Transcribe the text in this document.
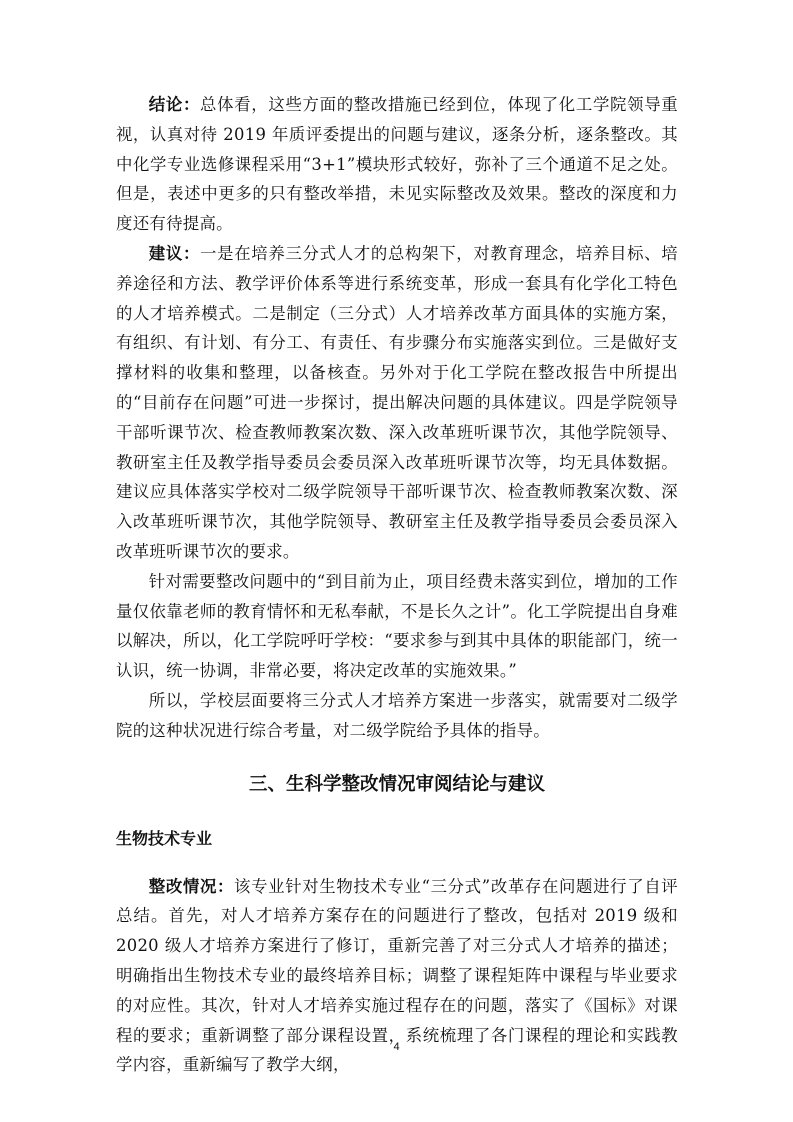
结论：总体看，这些方面的整改措施已经到位，体现了化工学院领导重视，认真对待 2019 年质评委提出的问题与建议，逐条分析，逐条整改。其中化学专业选修课程采用“3+1”模块形式较好，弥补了三个通道不足之处。但是，表述中更多的只有整改举措，未见实际整改及效果。整改的深度和力度还有待提高。

建议：一是在培养三分式人才的总构架下，对教育理念，培养目标、培养途径和方法、教学评价体系等进行系统变革，形成一套具有化学化工特色的人才培养模式。二是制定（三分式）人才培养改革方面具体的实施方案，有组织、有计划、有分工、有责任、有步骤分布实施落实到位。三是做好支撑材料的收集和整理，以备核查。另外对于化工学院在整改报告中所提出的“目前存在问题”可进一步探讨，提出解决问题的具体建议。四是学院领导干部听课节次、检查教师教案次数、深入改革班听课节次，其他学院领导、教研室主任及教学指导委员会委员深入改革班听课节次等，均无具体数据。建议应具体落实学校对二级学院领导干部听课节次、检查教师教案次数、深入改革班听课节次，其他学院领导、教研室主任及教学指导委员会委员深入改革班听课节次的要求。

针对需要整改问题中的“到目前为止，项目经费未落实到位，增加的工作量仅依靠老师的教育情怀和无私奉献，不是长久之计”。化工学院提出自身难以解决，所以，化工学院呼吁学校：“要求参与到其中具体的职能部门，统一认识，统一协调，非常必要，将决定改革的实施效果。”

所以，学校层面要将三分式人才培养方案进一步落实，就需要对二级学院的这种状况进行综合考量，对二级学院给予具体的指导。

三、生科学整改情况审阅结论与建议
生物技术专业

整改情况：该专业针对生物技术专业“三分式”改革存在问题进行了自评总结。首先，对人才培养方案存在的问题进行了整改，包括对 2019 级和 2020 级人才培养方案进行了修订，重新完善了对三分式人才培养的描述；明确指出生物技术专业的最终培养目标；调整了课程矩阵中课程与毕业要求的对应性。其次，针对人才培养实施过程存在的问题，落实了《国标》对课程的要求；重新调整了部分课程设置，系统梳理了各门课程的理论和实践教学内容，重新编写了教学大纲，

4
